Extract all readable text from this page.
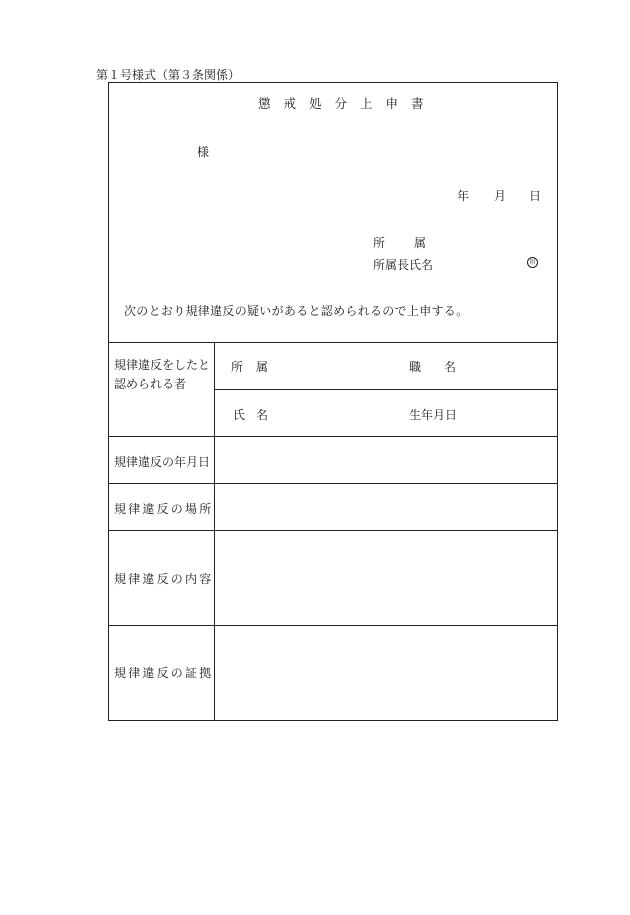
第１号様式（第３条関係）
懲戒処分上申書
様
年 月 日
所属
所属長氏名	印
次のとおり規律違反の疑いがあると認められるので上申する。
規律違反をしたと認められる者
所属	職名
氏名	生年月日
規律違反の年月日
規律違反の場所
規律違反の内容
規律違反の証拠
